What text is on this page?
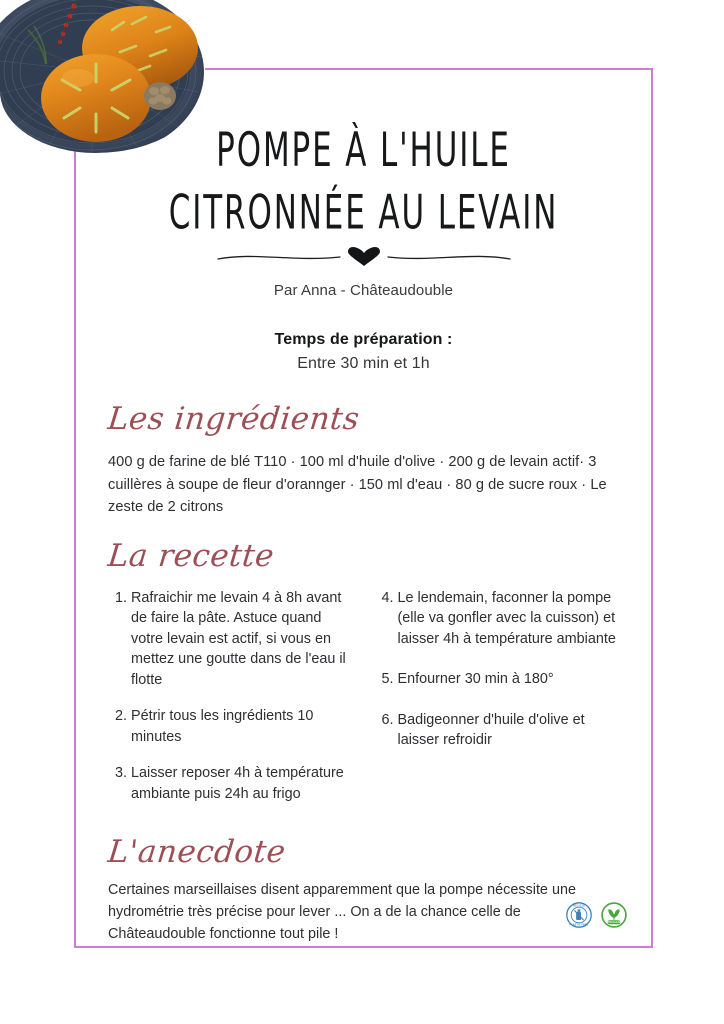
POMPE À L'HUILE
CITRONNÉE AU LEVAIN
Par Anna - Châteaudouble
Temps de préparation :
Entre 30 min et 1h
Les ingrédients
400 g de farine de blé T110 · 100 ml d'huile d'olive · 200 g de levain actif· 3 cuillères à soupe de fleur d'orannger · 150 ml d'eau · 80 g de sucre roux · Le zeste de 2 citrons
La recette
1. Rafraichir me levain 4 à 8h avant de faire la pâte. Astuce quand votre levain est actif, si vous en mettez une goutte dans de l'eau il flotte
2. Pétrir tous les ingrédients 10 minutes
3. Laisser reposer 4h à température ambiante puis 24h au frigo
4. Le lendemain, faconner la pompe (elle va gonfler avec la cuisson) et laisser 4h à température ambiante
5. Enfourner 30 min à 180°
6. Badigeonner d'huile d'olive et laisser refroidir
L'anecdote
Certaines marseillaises disent apparemment que la pompe nécessite une hydrométrie très précise pour lever ... On a de la chance celle de Châteaudouble fonctionne tout pile !
RECYCLE
PLASTIC FREE
VEGAN
